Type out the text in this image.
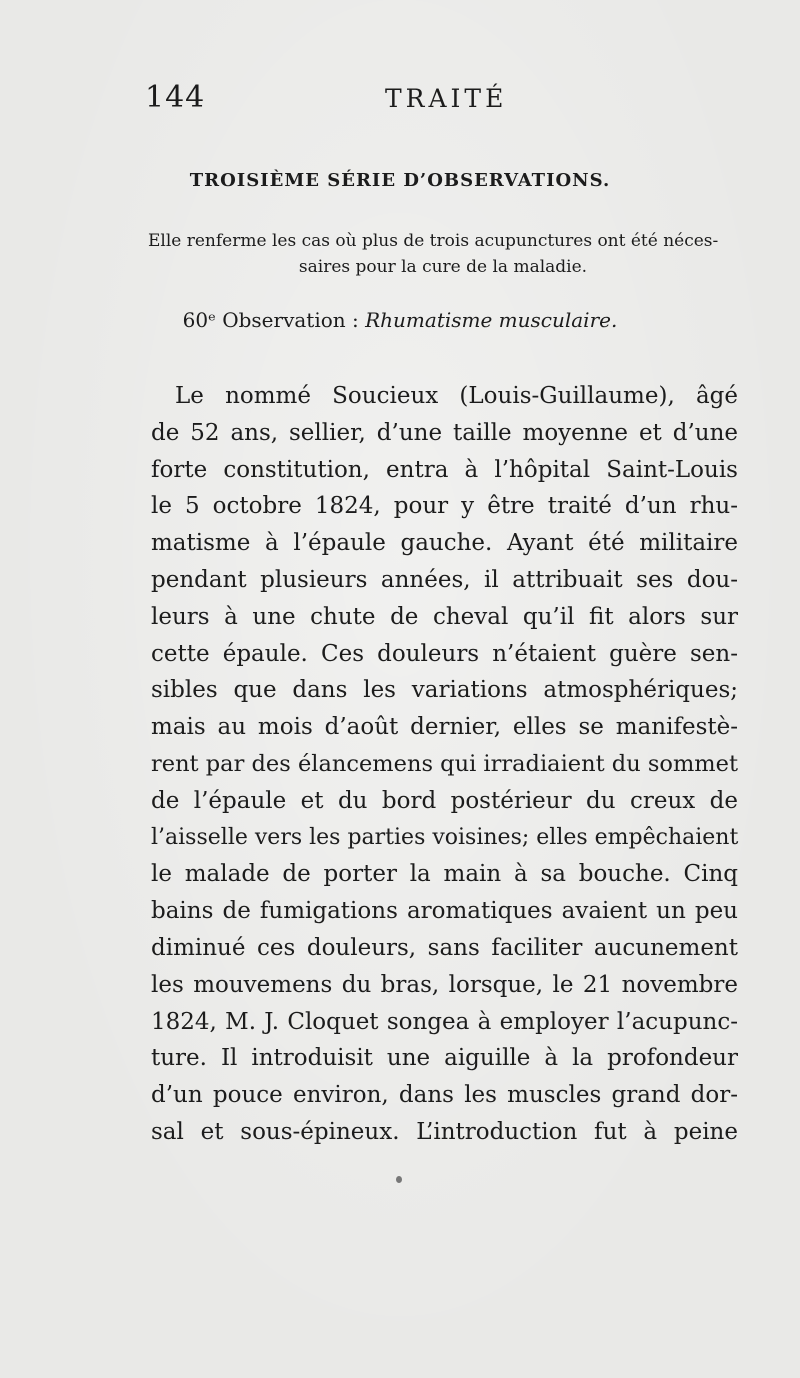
144	TRAITÉ
TROISIÈME SÉRIE D’OBSERVATIONS.
Elle renferme les cas où plus de trois acupunctures ont été néces-
saires pour la cure de la maladie.
60ᵉ Observation : Rhumatisme musculaire.
Le nommé Soucieux (Louis-Guillaume), âgé
de 52 ans, sellier, d’une taille moyenne et d’une
forte constitution, entra à l’hôpital Saint-Louis
le 5 octobre 1824, pour y être traité d’un rhu-
matisme à l’épaule gauche. Ayant été militaire
pendant plusieurs années, il attribuait ses dou-
leurs à une chute de cheval qu’il fit alors sur
cette épaule. Ces douleurs n’étaient guère sen-
sibles que dans les variations atmosphériques;
mais au mois d’août dernier, elles se manifestè-
rent par des élancemens qui irradiaient du sommet
de l’épaule et du bord postérieur du creux de
l’aisselle vers les parties voisines; elles empêchaient
le malade de porter la main à sa bouche. Cinq
bains de fumigations aromatiques avaient un peu
diminué ces douleurs, sans faciliter aucunement
les mouvemens du bras, lorsque, le 21 novembre
1824, M. J. Cloquet songea à employer l’acupunc-
ture. Il introduisit une aiguille à la profondeur
d’un pouce environ, dans les muscles grand dor-
sal et sous-épineux. L’introduction fut à peine
